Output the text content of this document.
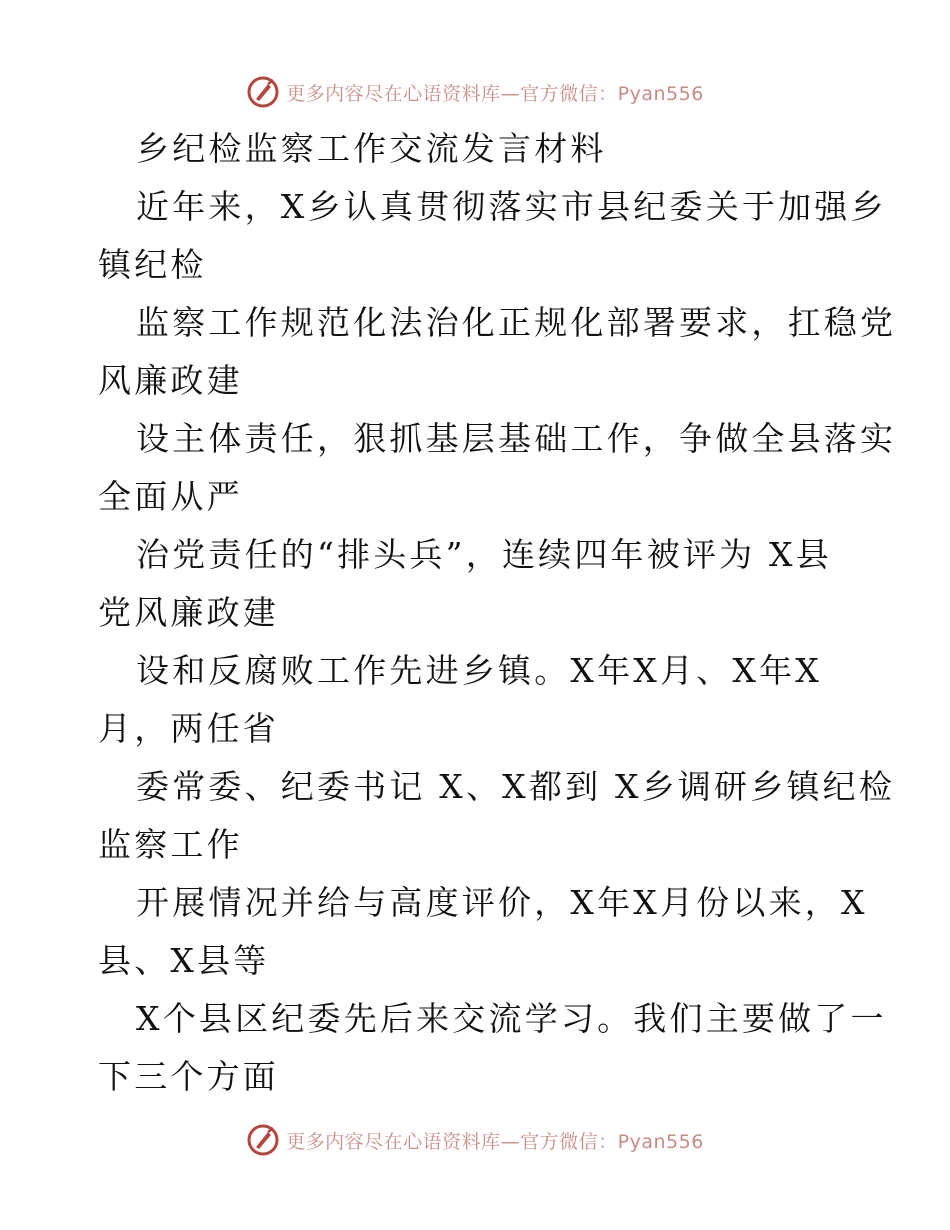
更多内容尽在心语资料库—官方微信：Pyan556

乡纪检监察工作交流发言材料

近年来，X乡认真贯彻落实市县纪委关于加强乡

镇纪检

监察工作规范化法治化正规化部署要求，扛稳党

风廉政建

设主体责任，狠抓基层基础工作，争做全县落实

全面从严

治党责任的“排头兵”，连续四年被评为 X县

党风廉政建

设和反腐败工作先进乡镇。X年X月、X年X

月，两任省

委常委、纪委书记 X、X都到 X乡调研乡镇纪检

监察工作

开展情况并给与高度评价，X年X月份以来，X

县、X县等

X个县区纪委先后来交流学习。我们主要做了一

下三个方面

更多内容尽在心语资料库—官方微信：Pyan556
